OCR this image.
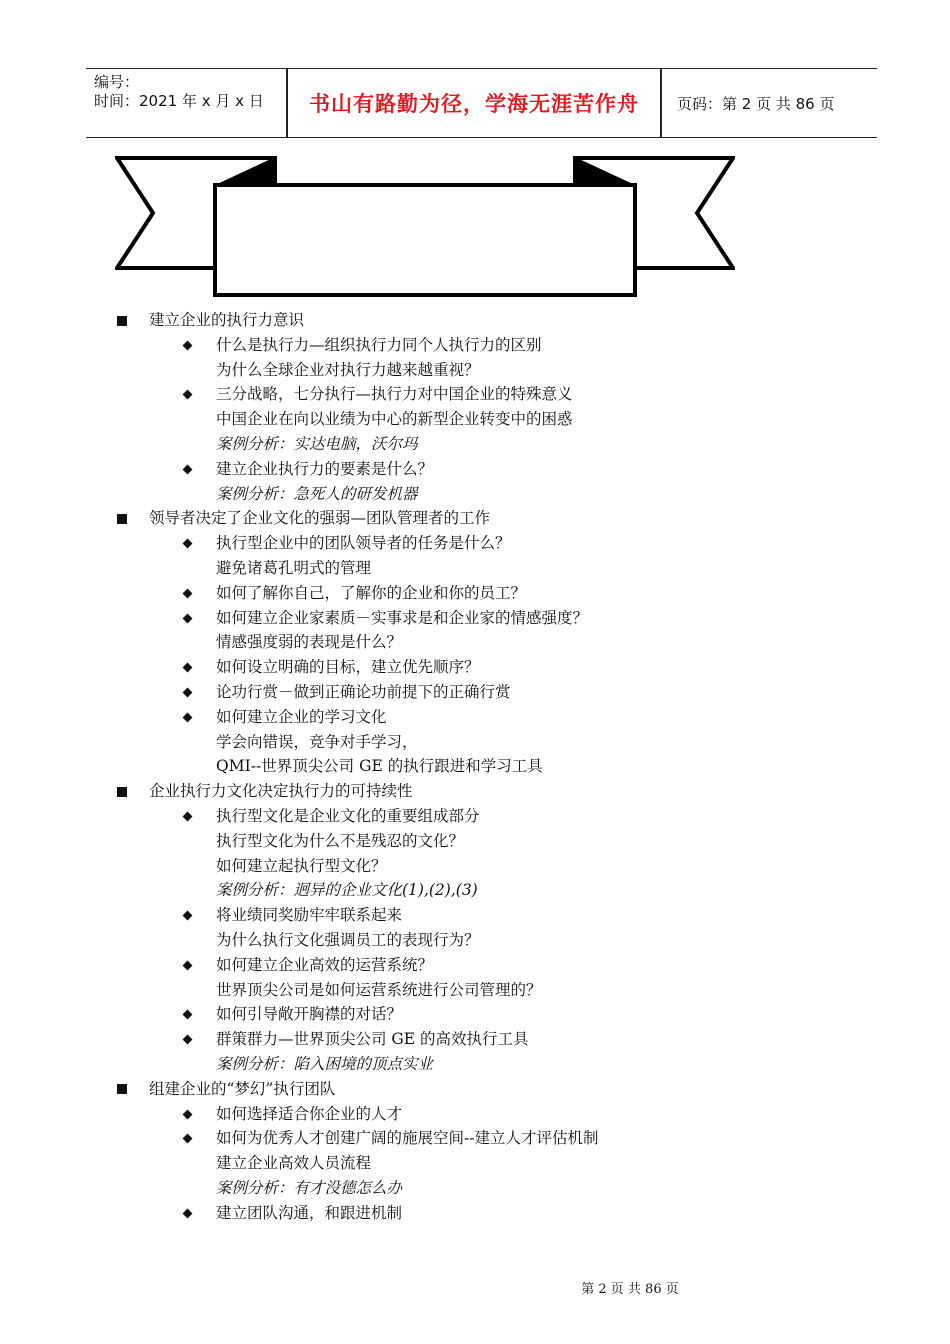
编号：
时间：2021 年 x 月 x 日	书山有路勤为径，学海无涯苦作舟	页码：第 2 页 共 86 页
建立企业的执行力意识
什么是执行力—组织执行力同个人执行力的区别
为什么全球企业对执行力越来越重视？
三分战略，七分执行—执行力对中国企业的特殊意义
中国企业在向以业绩为中心的新型企业转变中的困惑
案例分析：实达电脑，沃尔玛
建立企业执行力的要素是什么？
案例分析：急死人的研发机器
领导者决定了企业文化的强弱—团队管理者的工作
执行型企业中的团队领导者的任务是什么？
避免诸葛孔明式的管理
如何了解你自己，了解你的企业和你的员工？
如何建立企业家素质－实事求是和企业家的情感强度？
情感强度弱的表现是什么？
如何设立明确的目标，建立优先顺序？
论功行赏－做到正确论功前提下的正确行赏
如何建立企业的学习文化
学会向错误，竞争对手学习，
QMI--世界顶尖公司 GE 的执行跟进和学习工具
企业执行力文化决定执行力的可持续性
执行型文化是企业文化的重要组成部分
执行型文化为什么不是残忍的文化？
如何建立起执行型文化？
案例分析：迥异的企业文化(1),(2),(3)
将业绩同奖励牢牢联系起来
为什么执行文化强调员工的表现行为？
如何建立企业高效的运营系统？
世界顶尖公司是如何运营系统进行公司管理的？
如何引导敞开胸襟的对话？
群策群力—世界顶尖公司 GE 的高效执行工具
案例分析：陷入困境的顶点实业
组建企业的“梦幻”执行团队
如何选择适合你企业的人才
如何为优秀人才创建广阔的施展空间--建立人才评估机制
建立企业高效人员流程
案例分析：有才没德怎么办
建立团队沟通，和跟进机制
第 2 页 共 86 页
